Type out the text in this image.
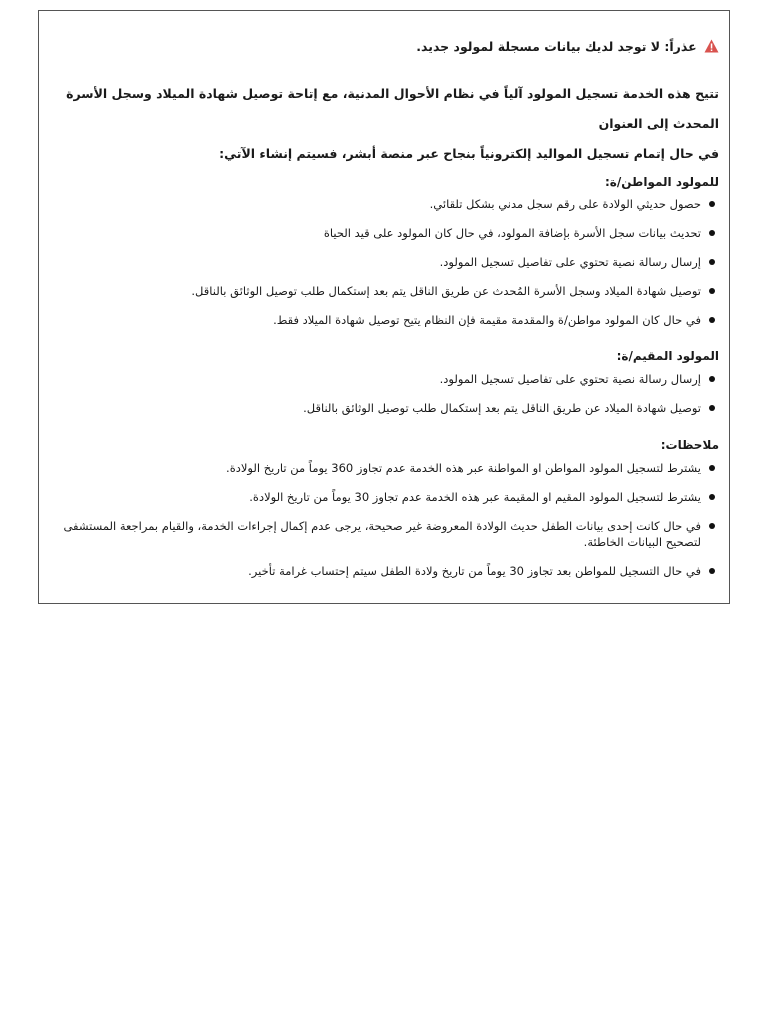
عذراً: لا توجد لديك بيانات مسجلة لمولود جديد.

تتيح هذه الخدمة تسجيل المولود آلياً في نظام الأحوال المدنية، مع إتاحة توصيل شهادة الميلاد وسجل الأسرة المحدث إلى العنوان

في حال إتمام تسجيل المواليد إلكترونياً بنجاح عبر منصة أبشر، فسيتم إنشاء الآتي:

للمولود المواطن/ة:

حصول حديثي الولادة على رقم سجل مدني بشكل تلقائي.
تحديث بيانات سجل الأسرة بإضافة المولود، في حال كان المولود على قيد الحياة
إرسال رسالة نصية تحتوي على تفاصيل تسجيل المولود.
توصيل شهادة الميلاد وسجل الأسرة المُحدث عن طريق الناقل يتم بعد إستكمال طلب توصيل الوثائق بالناقل.
في حال كان المولود مواطن/ة والمقدمة مقيمة فإن النظام يتيح توصيل شهادة الميلاد فقط.

المولود المقيم/ة:

إرسال رسالة نصية تحتوي على تفاصيل تسجيل المولود.
توصيل شهادة الميلاد عن طريق الناقل يتم بعد إستكمال طلب توصيل الوثائق بالناقل.

ملاحظات:

يشترط لتسجيل المولود المواطن او المواطنة عبر هذه الخدمة عدم تجاوز 360 يوماً من تاريخ الولادة.
يشترط لتسجيل المولود المقيم او المقيمة عبر هذه الخدمة عدم تجاوز 30 يوماً من تاريخ الولادة.
في حال كانت إحدى بيانات الطفل حديث الولادة المعروضة غير صحيحة، يرجى عدم إكمال إجراءات الخدمة، والقيام بمراجعة المستشفى لتصحيح البيانات الخاطئة.
في حال التسجيل للمواطن بعد تجاوز 30 يوماً من تاريخ ولادة الطفل سيتم إحتساب غرامة تأخير.
